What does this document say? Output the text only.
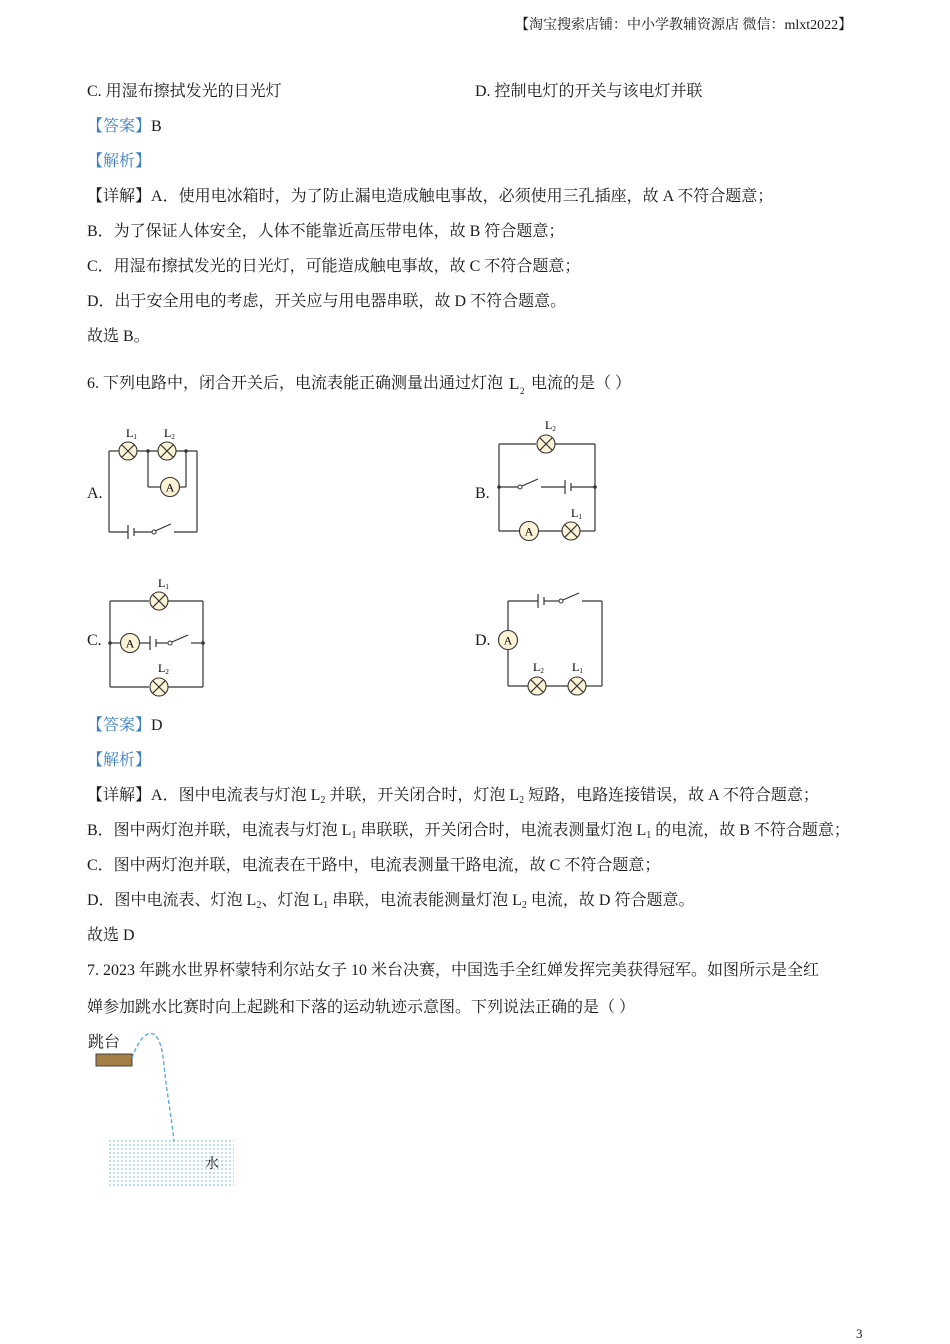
【淘宝搜索店铺：中小学教辅资源店 微信：mlxt2022】
C. 用湿布擦拭发光的日光灯	D. 控制电灯的开关与该电灯并联
【答案】B
【解析】
【详解】A．使用电冰箱时，为了防止漏电造成触电事故，必须使用三孔插座，故 A 不符合题意；
B．为了保证人体安全，人体不能靠近高压带电体，故 B 符合题意；
C．用湿布擦拭发光的日光灯，可能造成触电事故，故 C 不符合题意；
D．出于安全用电的考虑，开关应与用电器串联，故 D 不符合题意。
故选 B。
6. 下列电路中，闭合开关后，电流表能正确测量出通过灯泡 L 2 电流的是（ ）
A.	B.
C.	D.
A
L1 L2
A
L2
L1
A
L1
L2
A
L2 L1
【答案】D
【解析】
【详解】A．图中电流表与灯泡 $L_2$ 并联，开关闭合时，灯泡 $L_2$ 短路，电路连接错误，故 A 不符合题意；
B．图中两灯泡并联，电流表与灯泡 $L_1$ 串联联，开关闭合时，电流表测量灯泡 $L_1$ 的电流，故 B 不符合题意；
C．图中两灯泡并联，电流表在干路中，电流表测量干路电流，故 C 不符合题意；
D．图中电流表、灯泡 $L_2$、灯泡 $L_1$ 串联，电流表能测量灯泡 $L_2$ 电流，故 D 符合题意。
故选 D
7. 2023 年跳水世界杯蒙特利尔站女子 10 米台决赛，中国选手全红婵发挥完美获得冠军。如图所示是全红
婵参加跳水比赛时向上起跳和下落的运动轨迹示意图。下列说法正确的是（ ）
跳台
水
3
